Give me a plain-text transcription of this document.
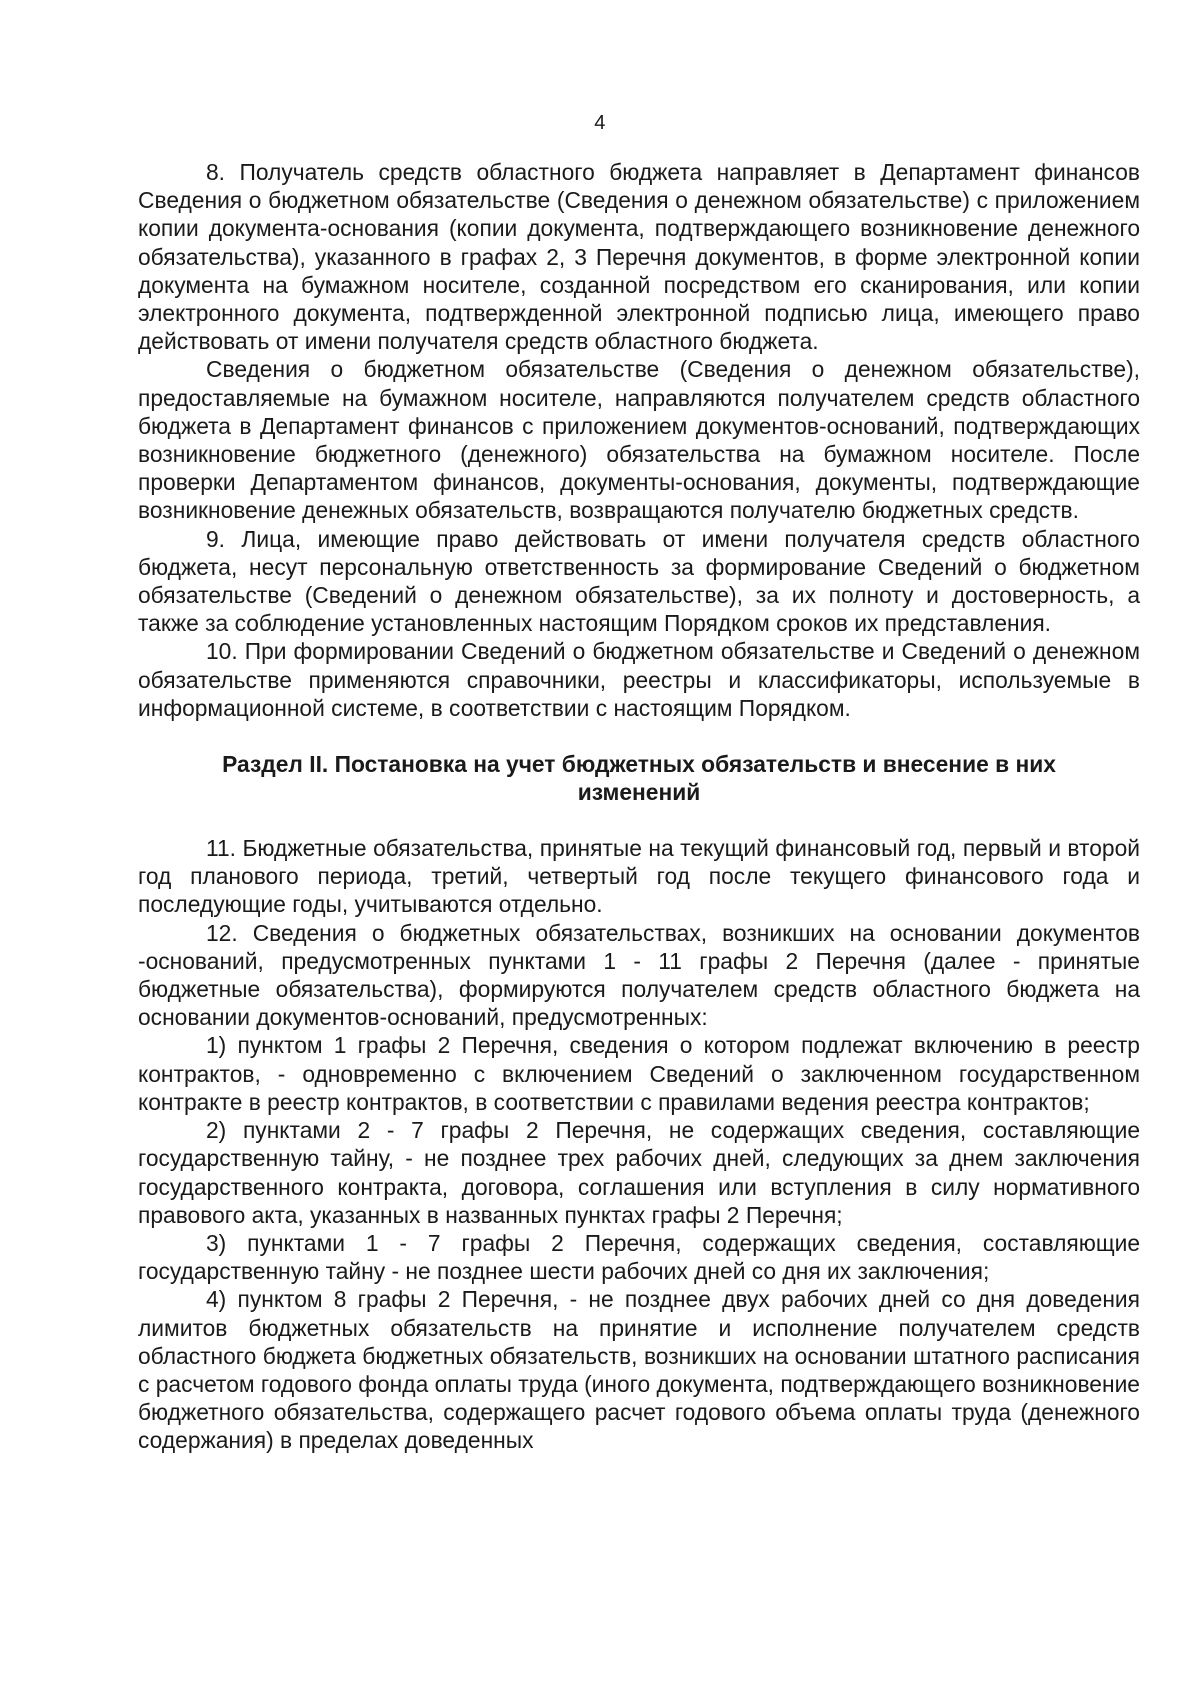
4

8. Получатель средств областного бюджета направляет в Департамент финансов Сведения о бюджетном обязательстве (Сведения о денежном обязательстве) с приложением копии документа-основания (копии документа, подтверждающего возникновение денежного обязательства), указанного в графах 2, 3 Перечня документов, в форме электронной копии документа на бумажном носителе, созданной посредством его сканирования, или копии электронного документа, подтвержденной электронной подписью лица, имеющего право действовать от имени получателя средств областного бюджета.

Сведения о бюджетном обязательстве (Сведения о денежном обязательстве), предоставляемые на бумажном носителе, направляются получателем средств областного бюджета в Департамент финансов с приложением документов-оснований, подтверждающих возникновение бюджетного (денежного) обязательства на бумажном носителе. После проверки Департаментом финансов, документы-основания, документы, подтверждающие возникновение денежных обязательств, возвращаются получателю бюджетных средств.

9. Лица, имеющие право действовать от имени получателя средств областного бюджета, несут персональную ответственность за формирование Сведений о бюджетном обязательстве (Сведений о денежном обязательстве), за их полноту и достоверность, а также за соблюдение установленных настоящим Порядком сроков их представления.

10. При формировании Сведений о бюджетном обязательстве и Сведений о денежном обязательстве применяются справочники, реестры и классификаторы, используемые в информационной системе, в соответствии с настоящим Порядком.

Раздел II. Постановка на учет бюджетных обязательств и внесение в них изменений

11. Бюджетные обязательства, принятые на текущий финансовый год, первый и второй год планового периода, третий, четвертый год после текущего финансового года и последующие годы, учитываются отдельно.

12. Сведения о бюджетных обязательствах, возникших на основании документов -оснований, предусмотренных пунктами 1 - 11 графы 2 Перечня (далее - принятые бюджетные обязательства), формируются получателем средств областного бюджета на основании документов-оснований, предусмотренных:

1) пунктом 1 графы 2 Перечня, сведения о котором подлежат включению в реестр контрактов, - одновременно с включением Сведений о заключенном государственном контракте в реестр контрактов, в соответствии с правилами ведения реестра контрактов;

2) пунктами 2 - 7 графы 2 Перечня, не содержащих сведения, составляющие государственную тайну, - не позднее трех рабочих дней, следующих за днем заключения государственного контракта, договора, соглашения или вступления в силу нормативного правового акта, указанных в названных пунктах графы 2 Перечня;

3) пунктами 1 - 7 графы 2 Перечня, содержащих сведения, составляющие государственную тайну - не позднее шести рабочих дней со дня их заключения;

4) пунктом 8 графы 2 Перечня, - не позднее двух рабочих дней со дня доведения лимитов бюджетных обязательств на принятие и исполнение получателем средств областного бюджета бюджетных обязательств, возникших на основании штатного расписания с расчетом годового фонда оплаты труда (иного документа, подтверждающего возникновение бюджетного обязательства, содержащего расчет годового объема оплаты труда (денежного содержания) в пределах доведенных
